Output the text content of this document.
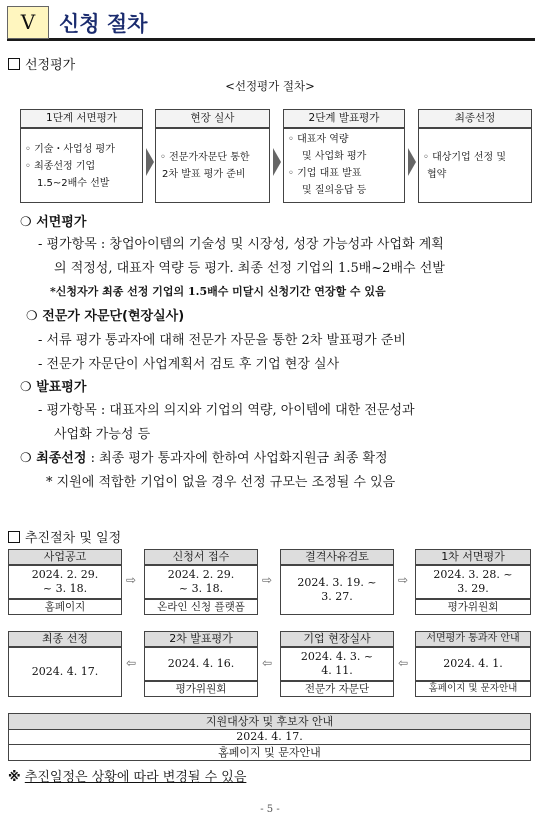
V	신청 절차
선정평가
<선정평가 절차>
1단계 서면평가	현장 실사	2단계 발표평가	최종선정
◦ 기술・사업성 평가
◦ 최종선정 기업
1.5~2배수 선발
◦ 전문가자문단 통한
2차 발표 평가 준비
◦ 대표자 역량
및 사업화 평가
◦ 기업 대표 발표
및 질의응답 등
◦ 대상기업 선정 및
협약
❍ 서면평가
- 평가항목 : 창업아이템의 기술성 및 시장성, 성장 가능성과 사업화 계획
의 적정성, 대표자 역량 등 평가. 최종 선정 기업의 1.5배~2배수 선발
*신청자가 최종 선정 기업의 1.5배수 미달시 신청기간 연장할 수 있음
❍ 전문가 자문단(현장실사)
- 서류 평가 통과자에 대해 전문가 자문을 통한 2차 발표평가 준비
- 전문가 자문단이 사업계획서 검토 후 기업 현장 실사
❍ 발표평가
- 평가항목 : 대표자의 의지와 기업의 역량, 아이템에 대한 전문성과
사업화 가능성 등
❍ 최종선정 : 최종 평가 통과자에 한하여 사업화지원금 최종 확정
* 지원에 적합한 기업이 없을 경우 선정 규모는 조정될 수 있음
추진절차 및 일정
사업공고
2024. 2. 29.
~ 3. 18.
홈페이지
⇨
신청서 접수
2024. 2. 29.
~ 3. 18.
온라인 신청 플랫폼
⇨
결격사유검토
2024. 3. 19. ~
3. 27.
⇨
1차 서면평가
2024. 3. 28. ~
3. 29.
평가위원회
최종 선정
2024. 4. 17.
⇦
2차 발표평가
2024. 4. 16.
평가위원회
⇦
기업 현장실사
2024. 4. 3. ~
4. 11.
전문가 자문단
⇦
서면평가 통과자 안내
2024. 4. 1.
홈페이지 및 문자안내
지원대상자 및 후보자 안내
2024. 4. 17.
홈페이지 및 문자안내
※ 추진일정은 상황에 따라 변경될 수 있음
- 5 -
